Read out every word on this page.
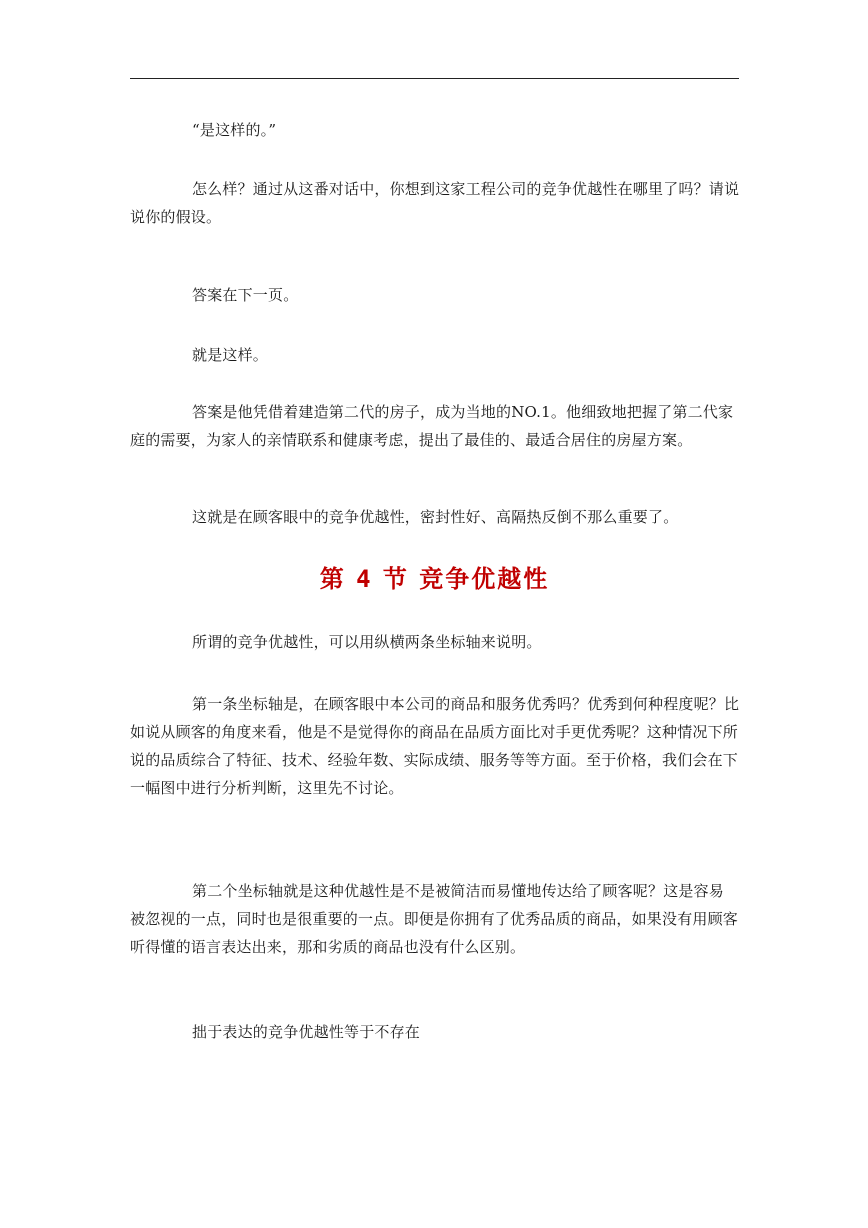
“是这样的。”
怎么样？通过从这番对话中，你想到这家工程公司的竞争优越性在哪里了吗？请说
说你的假设。
答案在下一页。
就是这样。
答案是他凭借着建造第二代的房子，成为当地的NO.1。他细致地把握了第二代家
庭的需要，为家人的亲情联系和健康考虑，提出了最佳的、最适合居住的房屋方案。
这就是在顾客眼中的竞争优越性，密封性好、高隔热反倒不那么重要了。
第 4 节 竞争优越性
所谓的竞争优越性，可以用纵横两条坐标轴来说明。
第一条坐标轴是，在顾客眼中本公司的商品和服务优秀吗？优秀到何种程度呢？比
如说从顾客的角度来看，他是不是觉得你的商品在品质方面比对手更优秀呢？这种情况下所
说的品质综合了特征、技术、经验年数、实际成绩、服务等等方面。至于价格，我们会在下
一幅图中进行分析判断，这里先不讨论。
第二个坐标轴就是这种优越性是不是被简洁而易懂地传达给了顾客呢？这是容易
被忽视的一点，同时也是很重要的一点。即便是你拥有了优秀品质的商品，如果没有用顾客
听得懂的语言表达出来，那和劣质的商品也没有什么区别。
拙于表达的竞争优越性等于不存在
